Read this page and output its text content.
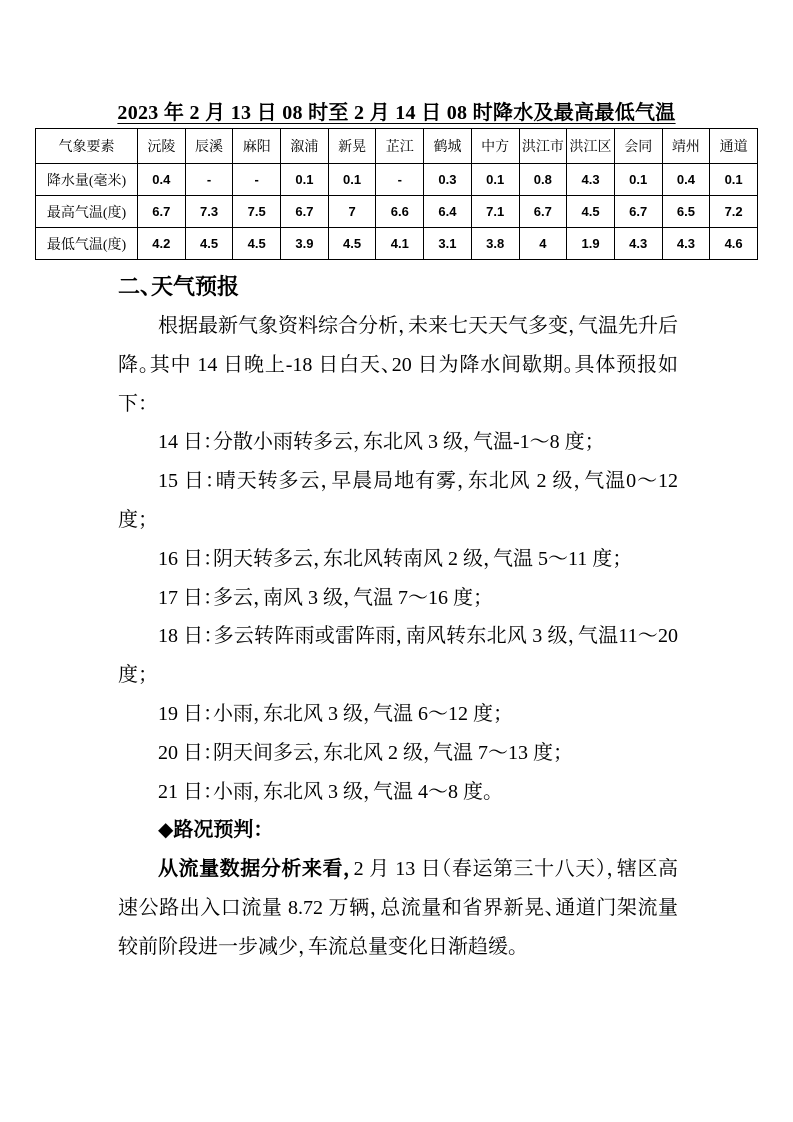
2023 年 2 月 13 日 08 时至 2 月 14 日 08 时降水及最高最低气温
气象要素	沅陵	辰溪	麻阳	溆浦	新晃	芷江	鹤城	中方	洪江市	洪江区	会同	靖州	通道
降水量(毫米)	0.4	-	-	0.1	0.1	-	0.3	0.1	0.8	4.3	0.1	0.4	0.1
最高气温(度)	6.7	7.3	7.5	6.7	7	6.6	6.4	7.1	6.7	4.5	6.7	6.5	7.2
最低气温(度)	4.2	4.5	4.5	3.9	4.5	4.1	3.1	3.8	4	1.9	4.3	4.3	4.6
二、天气预报

根据最新气象资料综合分析，未来七天天气多变，气温先升后降。其中 14 日晚上-18 日白天、20 日为降水间歇期。具体预报如下：

14 日：分散小雨转多云，东北风 3 级，气温-1～8 度；

15 日：晴天转多云，早晨局地有雾，东北风 2 级，气温0～12 度；

16 日：阴天转多云，东北风转南风 2 级，气温 5～11 度；

17 日：多云，南风 3 级，气温 7～16 度；

18 日：多云转阵雨或雷阵雨，南风转东北风 3 级，气温11～20 度；

19 日：小雨，东北风 3 级，气温 6～12 度；

20 日：阴天间多云，东北风 2 级，气温 7～13 度；

21 日：小雨，东北风 3 级，气温 4～8 度。

◆路况预判：

从流量数据分析来看，2 月 13 日（春运第三十八天），辖区高速公路出入口流量 8.72 万辆，总流量和省界新晃、通道门架流量较前阶段进一步减少，车流总量变化日渐趋缓。
